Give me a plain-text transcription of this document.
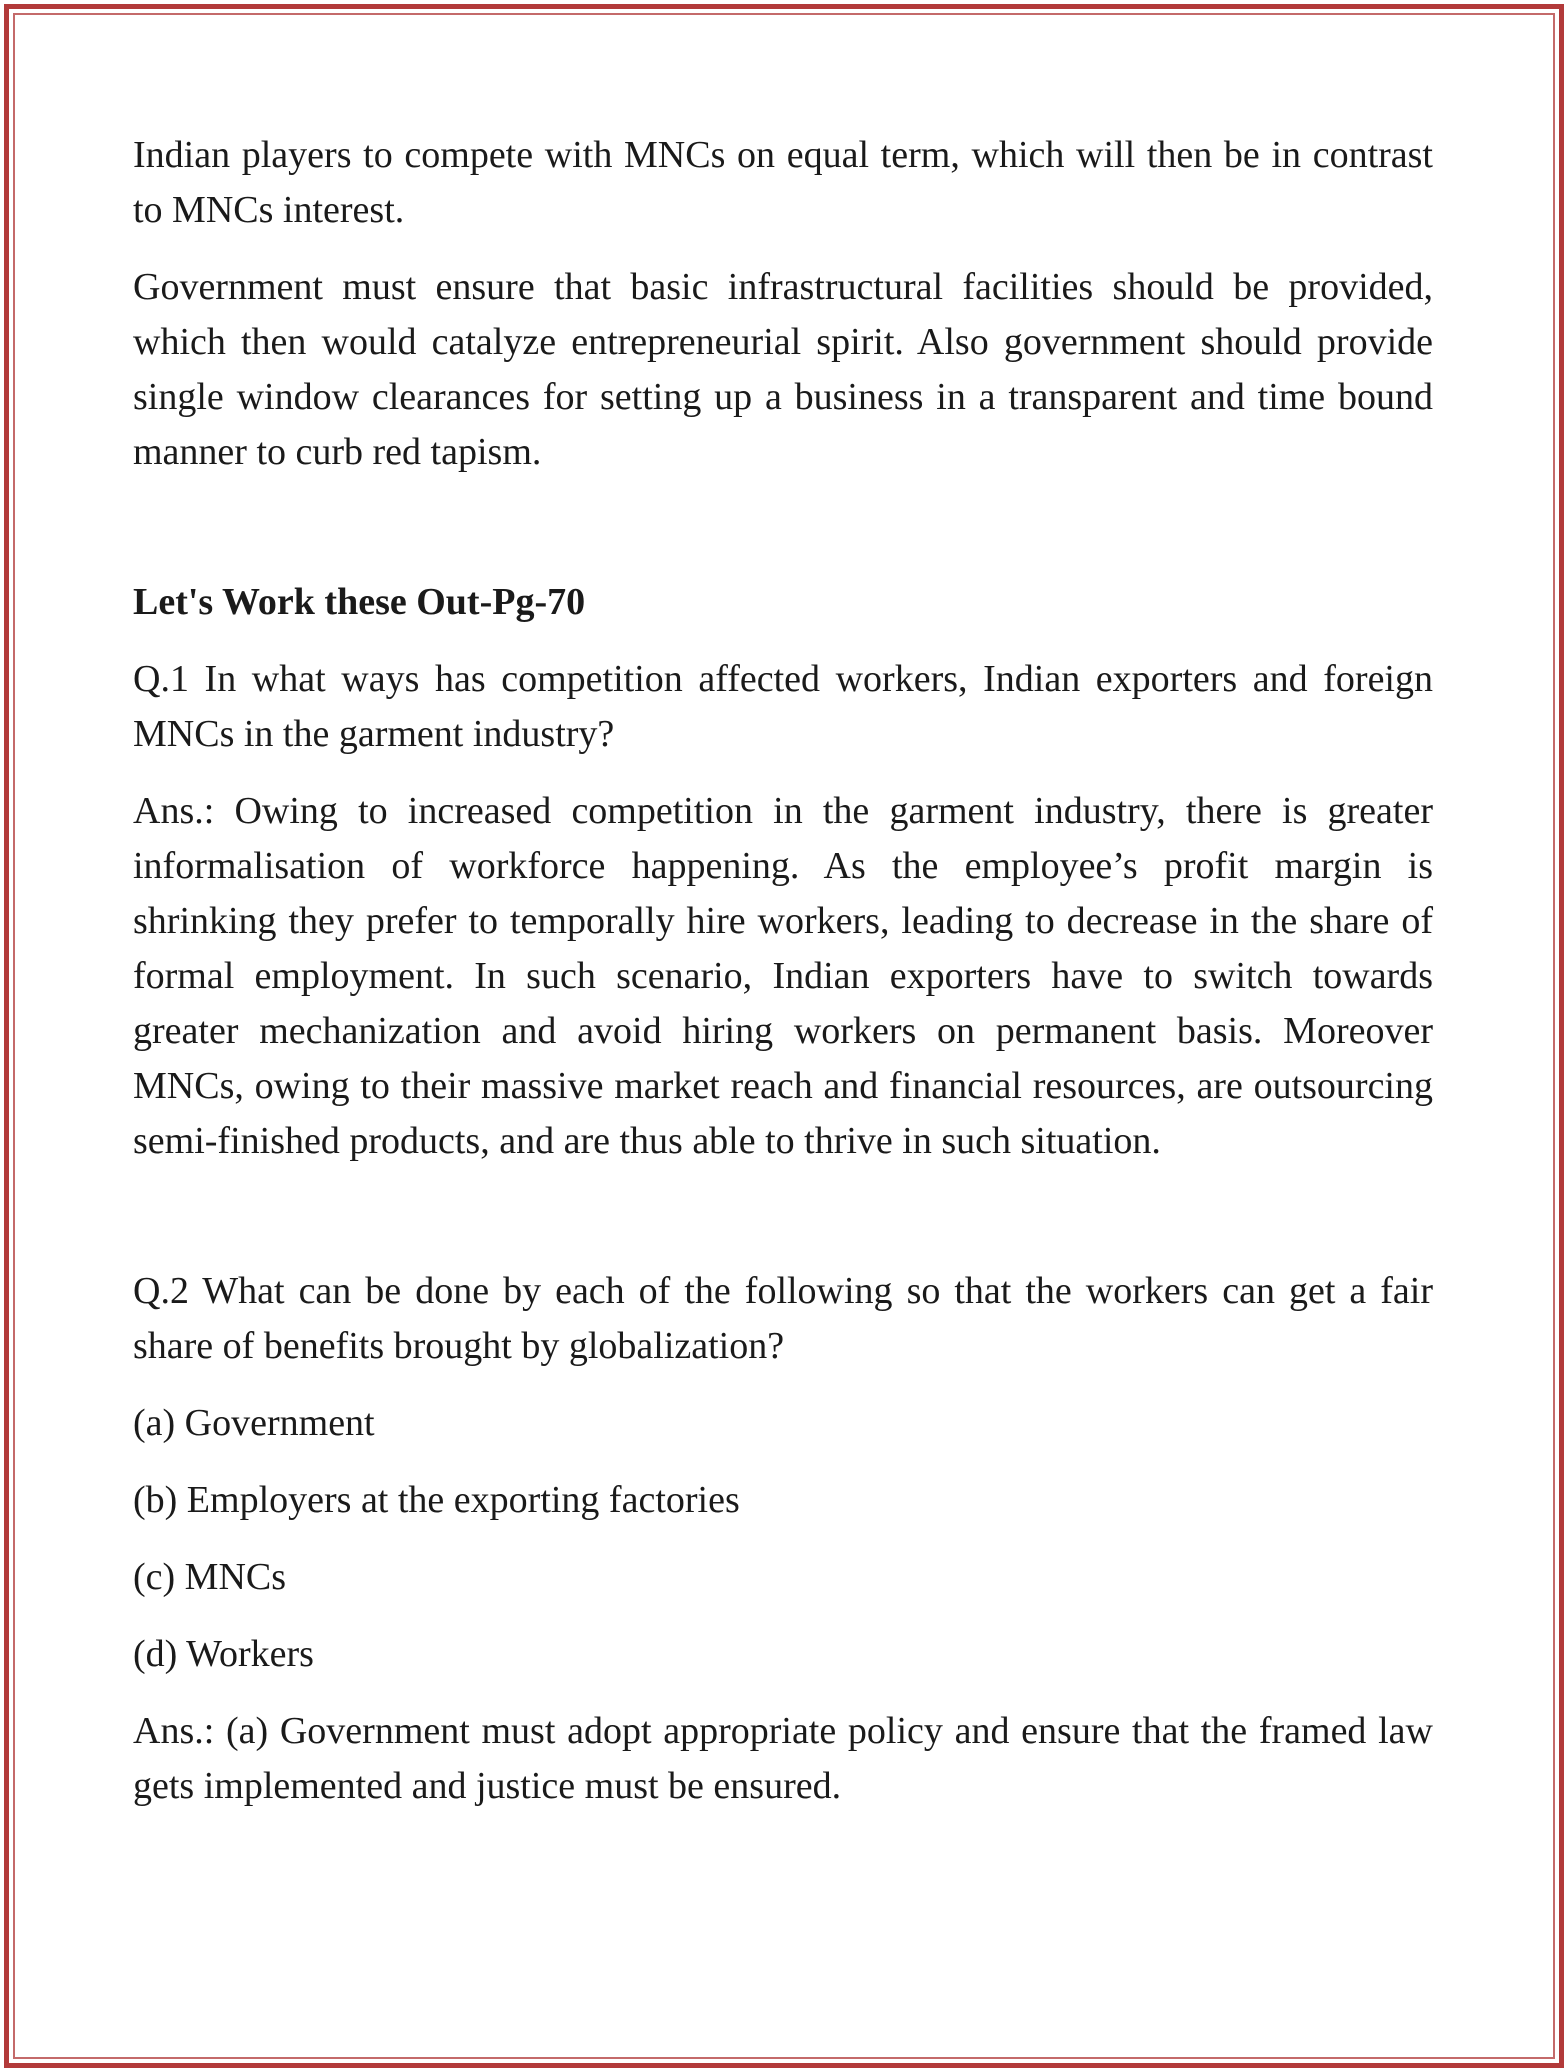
Indian players to compete with MNCs on equal term, which will then be in contrast to MNCs interest.

Government must ensure that basic infrastructural facilities should be provided, which then would catalyze entrepreneurial spirit. Also government should provide single window clearances for setting up a business in a transparent and time bound manner to curb red tapism.

Let's Work these Out-Pg-70

Q.1 In what ways has competition affected workers, Indian exporters and foreign MNCs in the garment industry?

Ans.: Owing to increased competition in the garment industry, there is greater informalisation of workforce happening. As the employee’s profit margin is shrinking they prefer to temporally hire workers, leading to decrease in the share of formal employment. In such scenario, Indian exporters have to switch towards greater mechanization and avoid hiring workers on permanent basis. Moreover MNCs, owing to their massive market reach and financial resources, are outsourcing semi-finished products, and are thus able to thrive in such situation.

Q.2 What can be done by each of the following so that the workers can get a fair share of benefits brought by globalization?

(a) Government

(b) Employers at the exporting factories

(c) MNCs

(d) Workers

Ans.: (a) Government must adopt appropriate policy and ensure that the framed law gets implemented and justice must be ensured.
